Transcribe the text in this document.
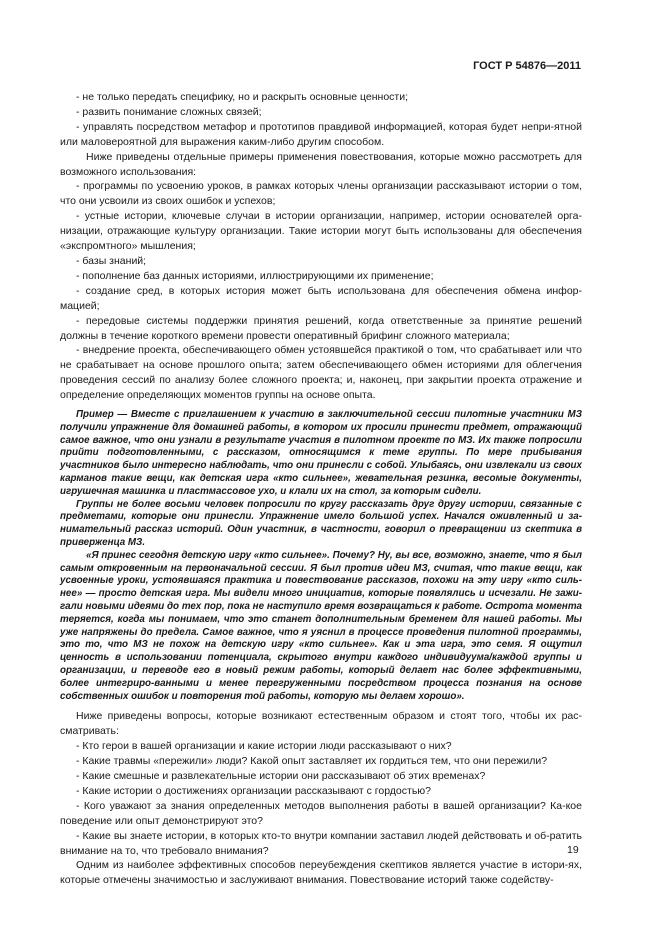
ГОСТ Р 54876—2011

- не только передать специфику, но и раскрыть основные ценности;

- развить понимание сложных связей;

- управлять посредством метафор и прототипов правдивой информацией, которая будет непри-ятной или маловероятной для выражения каким-либо другим способом.

Ниже приведены отдельные примеры применения повествования, которые можно рассмотреть для возможного использования:

- программы по усвоению уроков, в рамках которых члены организации рассказывают истории о том, что они усвоили из своих ошибок и успехов;

- устные истории, ключевые случаи в истории организации, например, истории основателей орга-низации, отражающие культуру организации. Такие истории могут быть использованы для обеспечения «экспромтного» мышления;

- базы знаний;

- пополнение баз данных историями, иллюстрирующими их применение;

- создание сред, в которых история может быть использована для обеспечения обмена инфор-мацией;

- передовые системы поддержки принятия решений, когда ответственные за принятие решений должны в течение короткого времени провести оперативный брифинг сложного материала;

- внедрение проекта, обеспечивающего обмен устоявшейся практикой о том, что срабатывает или что не срабатывает на основе прошлого опыта; затем обеспечивающего обмен историями для облегчения проведения сессий по анализу более сложного проекта; и, наконец, при закрытии проекта отражение и определение определяющих моментов группы на основе опыта.

Пример — Вместе с приглашением к участию в заключительной сессии пилотные участники МЗ получили упражнение для домашней работы, в котором их просили принести предмет, отражающий самое важное, что они узнали в результате участия в пилотном проекте по МЗ. Их также попросили прийти подготовленными, с рассказом, относящимся к теме группы. По мере прибывания участников было интересно наблюдать, что они принесли с собой. Улыбаясь, они извлекали из своих карманов такие вещи, как детская игра «кто сильнее», жевательная резинка, весомые документы, игрушечная машинка и пластмассовое ухо, и клали их на стол, за которым сидели.

Группы не более восьми человек попросили по кругу рассказать друг другу истории, связанные с предметами, которые они принесли. Упражнение имело большой успех. Начался оживленный и за-нимательный рассказ историй. Один участник, в частности, говорил о превращении из скептика в приверженца МЗ.

«Я принес сегодня детскую игру «кто сильнее». Почему? Ну, вы все, возможно, знаете, что я был самым откровенным на первоначальной сессии. Я был против идеи МЗ, считая, что такие вещи, как усвоенные уроки, устоявшаяся практика и повествование рассказов, похожи на эту игру «кто силь-нее» — просто детская игра. Мы видели много инициатив, которые появлялись и исчезали. Не зажи-гали новыми идеями до тех пор, пока не наступило время возвращаться к работе. Острота момента теряется, когда мы понимаем, что это станет дополнительным бременем для нашей работы. Мы уже напряжены до предела. Самое важное, что я уяснил в процессе проведения пилотной программы, это то, что МЗ не похож на детскую игру «кто сильнее». Как и эта игра, это семя. Я ощутил ценность в использовании потенциала, скрытого внутри каждого индивидуума/каждой группы и организации, и переводе его в новый режим работы, который делает нас более эффективными, более интегриро-ванными и менее перегруженными посредством процесса познания на основе собственных ошибок и повторения той работы, которую мы делаем хорошо».

Ниже приведены вопросы, которые возникают естественным образом и стоят того, чтобы их рас-сматривать:

- Кто герои в вашей организации и какие истории люди рассказывают о них?

- Какие травмы «пережили» люди? Какой опыт заставляет их гордиться тем, что они пережили?

- Какие смешные и развлекательные истории они рассказывают об этих временах?

- Какие истории о достижениях организации рассказывают с гордостью?

- Кого уважают за знания определенных методов выполнения работы в вашей организации? Ка-кое поведение или опыт демонстрируют это?

- Какие вы знаете истории, в которых кто-то внутри компании заставил людей действовать и об-ратить внимание на то, что требовало внимания?

Одним из наиболее эффективных способов переубеждения скептиков является участие в истори-ях, которые отмечены значимостью и заслуживают внимания. Повествование историй также содейству-

19
